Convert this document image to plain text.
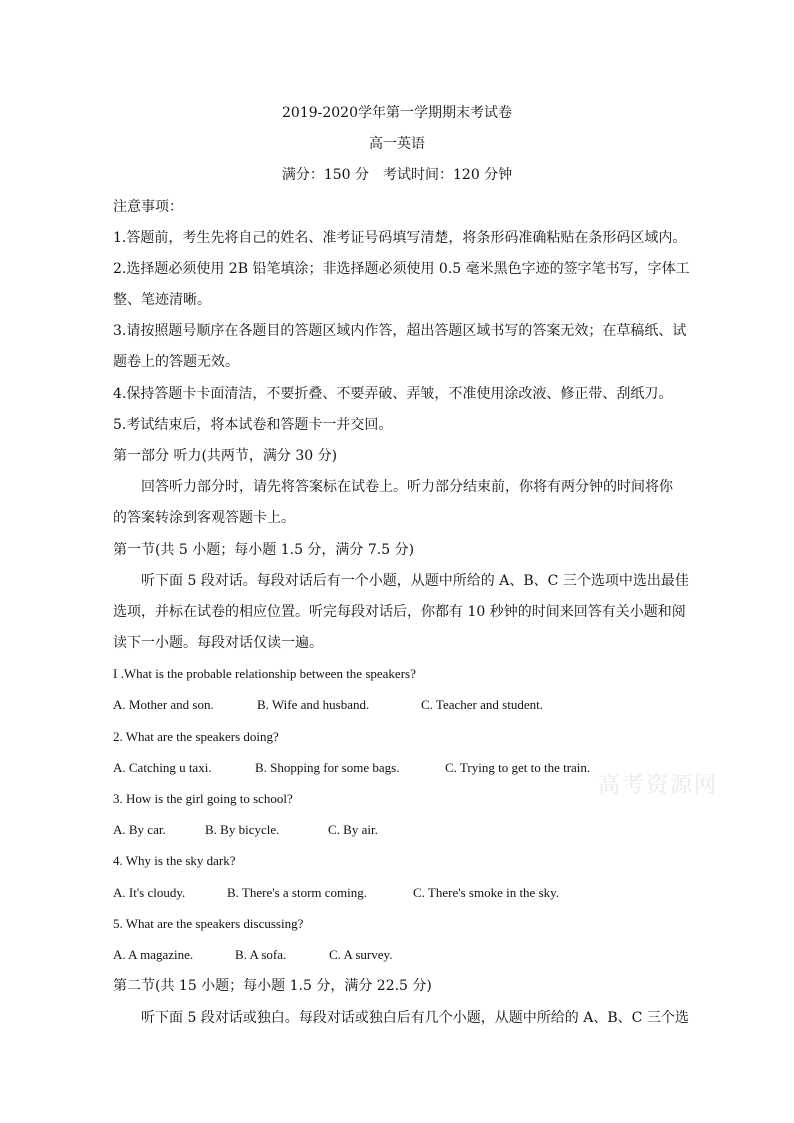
2019-2020学年第一学期期末考试卷
高一英语
满分：150 分　考试时间：120 分钟
注意事项：
1.答题前，考生先将自己的姓名、准考证号码填写清楚，将条形码准确粘贴在条形码区域内。
2.选择题必须使用 2B 铅笔填涂；非选择题必须使用 0.5 毫米黑色字迹的签字笔书写，字体工
整、笔迹清晰。
3.请按照题号顺序在各题目的答题区域内作答，超出答题区域书写的答案无效；在草稿纸、试
题卷上的答题无效。
4.保持答题卡卡面清洁，不要折叠、不要弄破、弄皱，不准使用涂改液、修正带、刮纸刀。
5.考试结束后，将本试卷和答题卡一并交回。
第一部分 听力(共两节，满分 30 分)
回答听力部分时，请先将答案标在试卷上。听力部分结束前，你将有两分钟的时间将你
的答案转涂到客观答题卡上。
第一节(共 5 小题；每小题 1.5 分，满分 7.5 分)
听下面 5 段对话。每段对话后有一个小题，从题中所给的 A、B、C 三个选项中选出最佳
选项，并标在试卷的相应位置。听完每段对话后，你都有 10 秒钟的时间来回答有关小题和阅
读下一小题。每段对话仅读一遍。
I .What is the probable relationship between the speakers?
A. Mother and son.	B. Wife and husband.	C. Teacher and student.
2. What are the speakers doing?
A. Catching u taxi.	B. Shopping for some bags.	C. Trying to get to the train.
3. How is the girl going to school?
A. By car.	B. By bicycle.	C. By air.
4. Why is the sky dark?
A. It's cloudy.	B. There's a storm coming.	C. There's smoke in the sky.
5. What are the speakers discussing?
A. A magazine.	B. A sofa.	C. A survey.
第二节(共 15 小题；每小题 1.5 分，满分 22.5 分)
听下面 5 段对话或独白。每段对话或独白后有几个小题，从题中所给的 A、B、C 三个选
高考资源网
